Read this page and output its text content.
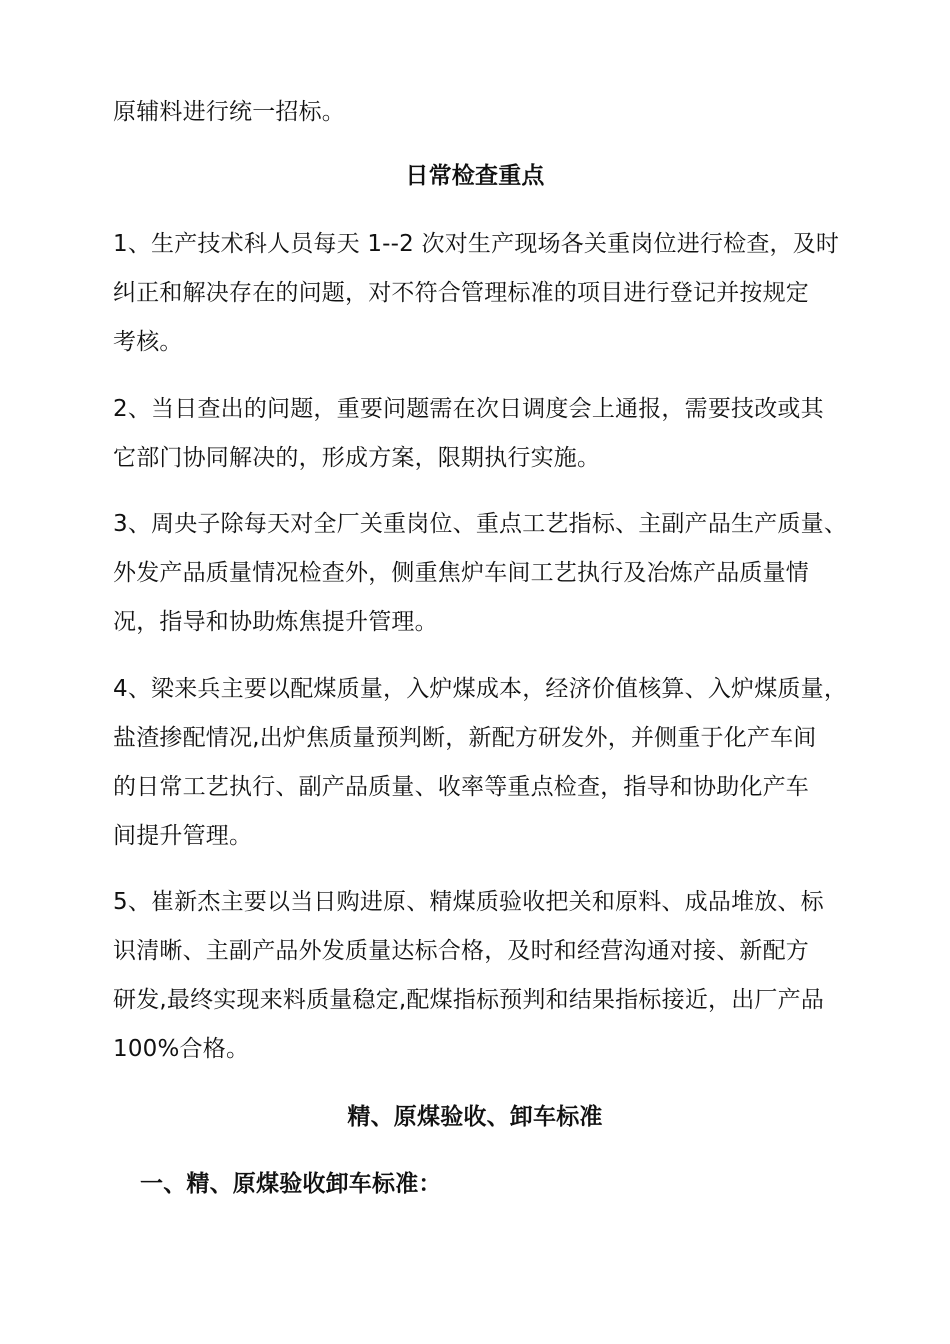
原辅料进行统一招标。
日常检查重点
1、生产技术科人员每天 1--2 次对生产现场各关重岗位进行检查，及时
纠正和解决存在的问题，对不符合管理标准的项目进行登记并按规定
考核。
2、当日查出的问题，重要问题需在次日调度会上通报，需要技改或其
它部门协同解决的，形成方案，限期执行实施。
3、周央子除每天对全厂关重岗位、重点工艺指标、主副产品生产质量、
外发产品质量情况检查外，侧重焦炉车间工艺执行及冶炼产品质量情
况，指导和协助炼焦提升管理。
4、梁来兵主要以配煤质量，入炉煤成本，经济价值核算、入炉煤质量，
盐渣掺配情况,出炉焦质量预判断，新配方研发外，并侧重于化产车间
的日常工艺执行、副产品质量、收率等重点检查，指导和协助化产车
间提升管理。
5、崔新杰主要以当日购进原、精煤质验收把关和原料、成品堆放、标
识清晰、主副产品外发质量达标合格，及时和经营沟通对接、新配方
研发,最终实现来料质量稳定,配煤指标预判和结果指标接近，出厂产品
100%合格。
精、原煤验收、卸车标准
一、精、原煤验收卸车标准：
